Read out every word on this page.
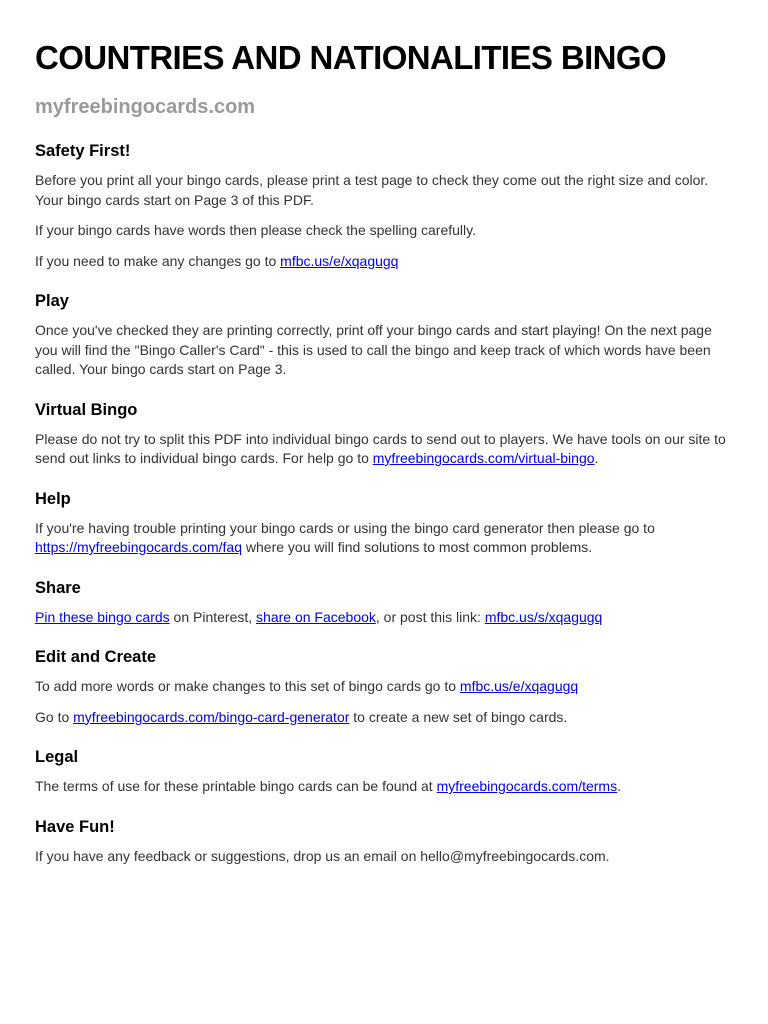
COUNTRIES AND NATIONALITIES BINGO
myfreebingocards.com
Safety First!

Before you print all your bingo cards, please print a test page to check they come out the right size and color. Your bingo cards start on Page 3 of this PDF.

If your bingo cards have words then please check the spelling carefully.

If you need to make any changes go to mfbc.us/e/xqagugq

Play

Once you've checked they are printing correctly, print off your bingo cards and start playing! On the next page you will find the "Bingo Caller's Card" - this is used to call the bingo and keep track of which words have been called. Your bingo cards start on Page 3.

Virtual Bingo

Please do not try to split this PDF into individual bingo cards to send out to players. We have tools on our site to send out links to individual bingo cards. For help go to myfreebingocards.com/virtual-bingo.

Help

If you're having trouble printing your bingo cards or using the bingo card generator then please go to https://myfreebingocards.com/faq where you will find solutions to most common problems.

Share

Pin these bingo cards on Pinterest, share on Facebook, or post this link: mfbc.us/s/xqagugq

Edit and Create

To add more words or make changes to this set of bingo cards go to mfbc.us/e/xqagugq

Go to myfreebingocards.com/bingo-card-generator to create a new set of bingo cards.

Legal

The terms of use for these printable bingo cards can be found at myfreebingocards.com/terms.

Have Fun!

If you have any feedback or suggestions, drop us an email on hello@myfreebingocards.com.
